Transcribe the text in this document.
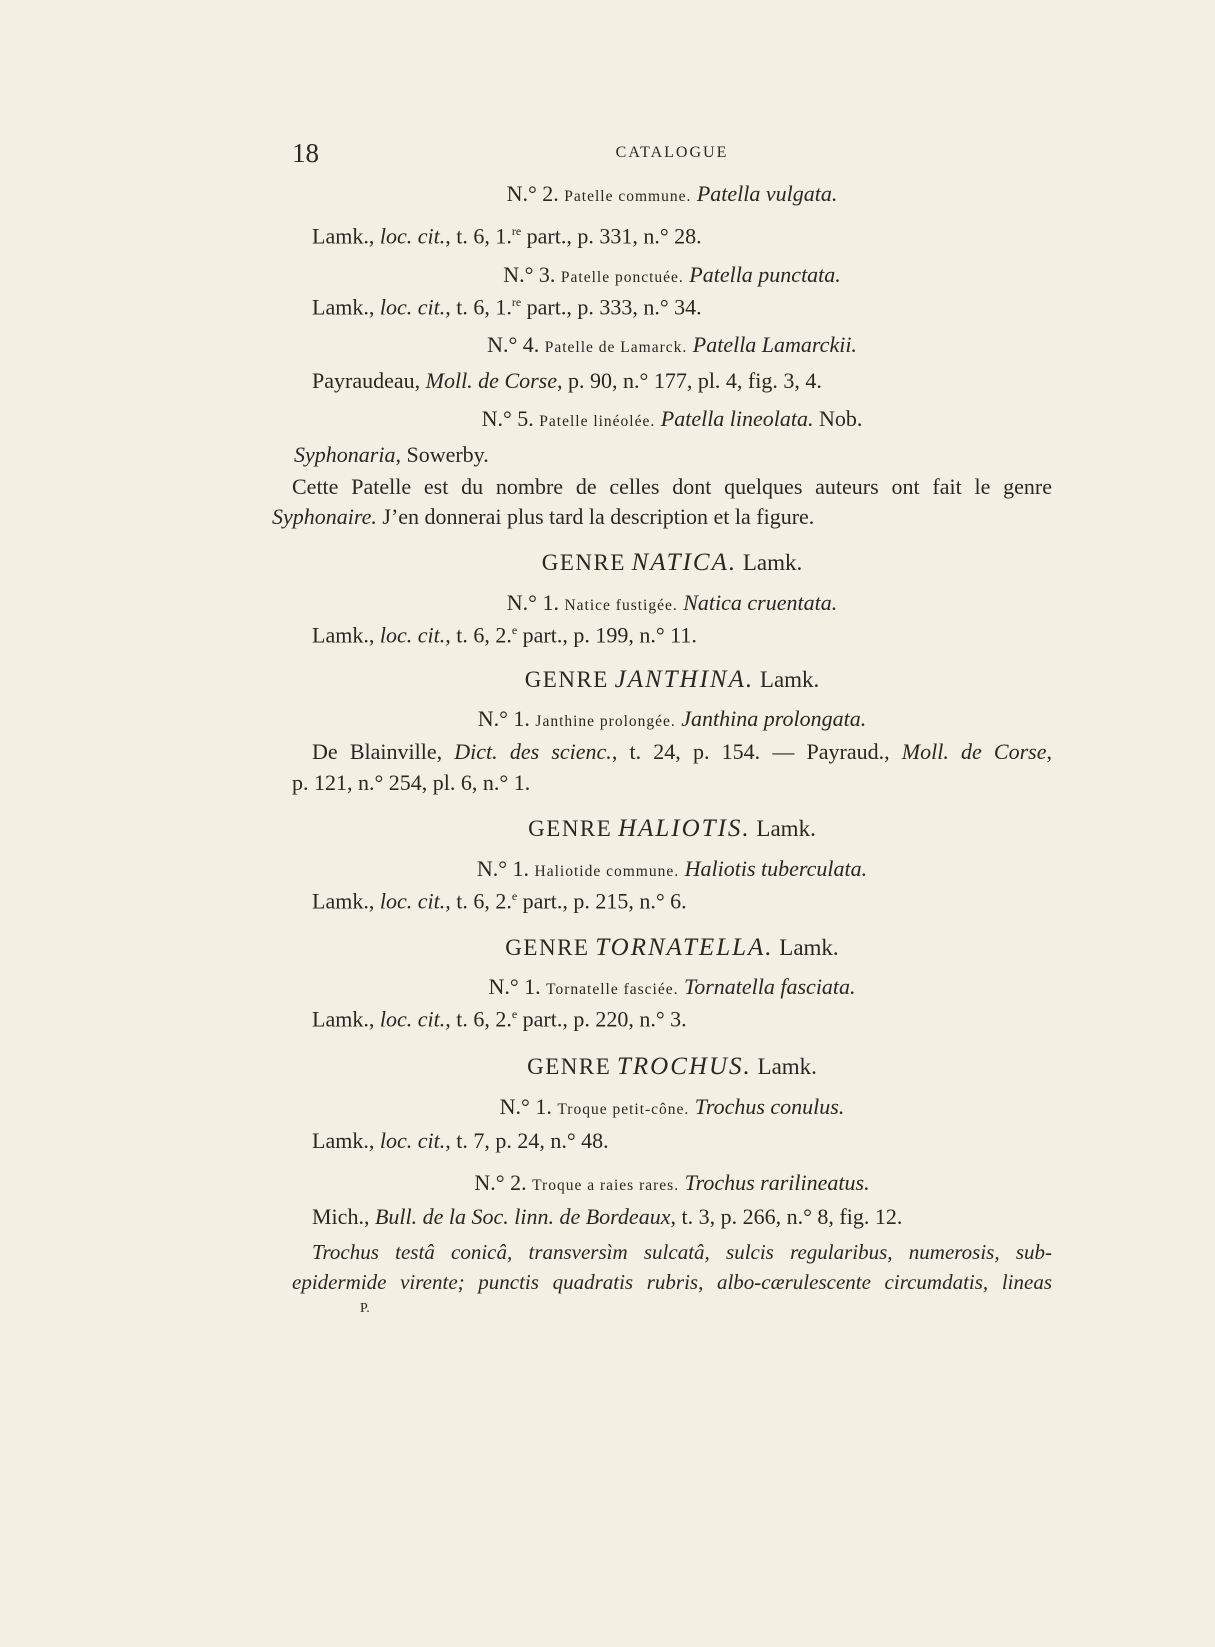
18	CATALOGUE
N.° 2. Patelle commune. Patella vulgata.
Lamk., loc. cit., t. 6, 1.$^{re}$ part., p. 331, n.° 28.
N.° 3. Patelle ponctuée. Patella punctata.
Lamk., loc. cit., t. 6, 1.$^{re}$ part., p. 333, n.° 34.
N.° 4. Patelle de Lamarck. Patella Lamarckii.
Payraudeau, Moll. de Corse, p. 90, n.° 177, pl. 4, fig. 3, 4.
N.° 5. Patelle linéolée. Patella lineolata. Nob.
Syphonaria, Sowerby.
Cette Patelle est du nombre de celles dont quelques auteurs ont fait le genre
Syphonaire. J’en donnerai plus tard la description et la figure.
GENRE NATICA. Lamk.
N.° 1. Natice fustigée. Natica cruentata.
Lamk., loc. cit., t. 6, 2.$^e$ part., p. 199, n.° 11.
GENRE JANTHINA. Lamk.
N.° 1. Janthine prolongée. Janthina prolongata.
De Blainville, Dict. des scienc., t. 24, p. 154. — Payraud., Moll. de Corse,
p. 121, n.° 254, pl. 6, n.° 1.
GENRE HALIOTIS. Lamk.
N.° 1. Haliotide commune. Haliotis tuberculata.
Lamk., loc. cit., t. 6, 2.$^e$ part., p. 215, n.° 6.
GENRE TORNATELLA. Lamk.
N.° 1. Tornatelle fasciée. Tornatella fasciata.
Lamk., loc. cit., t. 6, 2.$^e$ part., p. 220, n.° 3.
GENRE TROCHUS. Lamk.
N.° 1. Troque petit-cône. Trochus conulus.
Lamk., loc. cit., t. 7, p. 24, n.° 48.
N.° 2. Troque a raies rares. Trochus rarilineatus.
Mich., Bull. de la Soc. linn. de Bordeaux, t. 3, p. 266, n.° 8, fig. 12.
Trochus testâ conicâ, transversìm sulcatâ, sulcis regularibus, numerosis, sub-
epidermide virente; punctis quadratis rubris, albo-cærulescente circumdatis, lineas
P.
